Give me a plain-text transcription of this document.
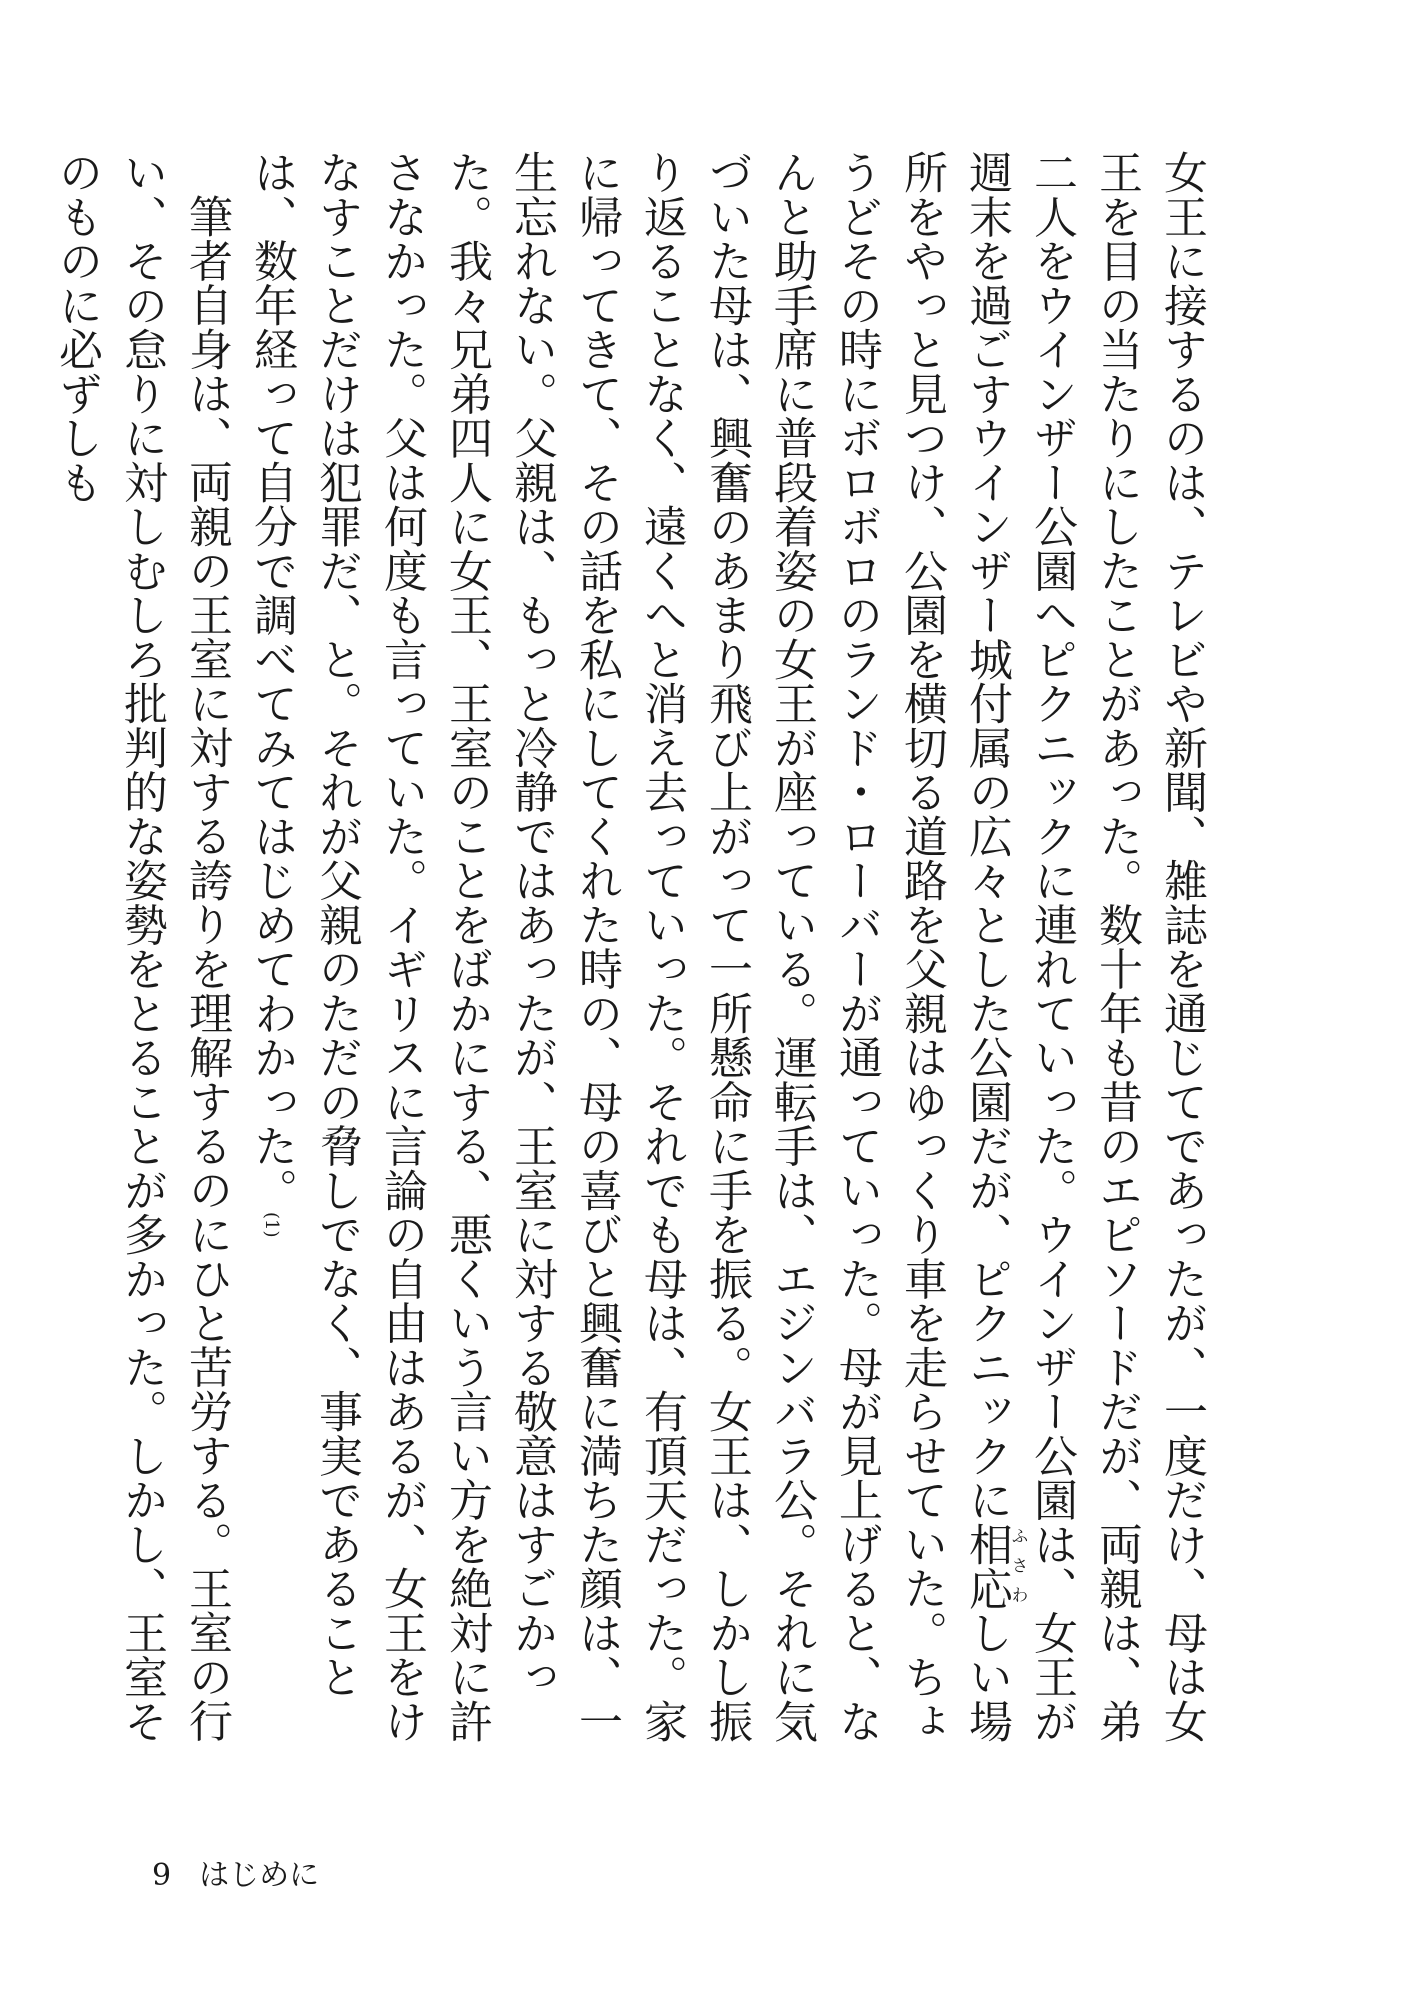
女王に接するのは、テレビや新聞、雑誌を通じてであったが、一度だけ、母は女王を目の当たりにしたことがあった。数十年も昔のエピソードだが、両親は、弟二人をウインザー公園へピクニックに連れていった。ウインザー公園は、女王が週末を過ごすウインザー城付属の広々とした公園だが、ピクニックに相応ふさわしい場所をやっと見つけ、公園を横切る道路を父親はゆっくり車を走らせていた。ちょうどその時にボロボロのランド・ローバーが通っていった。母が見上げると、なんと助手席に普段着姿の女王が座っている。運転手は、エジンバラ公。それに気づいた母は、興奮のあまり飛び上がって一所懸命に手を振る。女王は、しかし振り返ることなく、遠くへと消え去っていった。それでも母は、有頂天だった。家に帰ってきて、その話を私にしてくれた時の、母の喜びと興奮に満ちた顔は、一生忘れない。父親は、もっと冷静ではあったが、王室に対する敬意はすごかった。我々兄弟四人に女王、王室のことをばかにする、悪くいう言い方を絶対に許さなかった。父は何度も言っていた。イギリスに言論の自由はあるが、女王をけなすことだけは犯罪だ、と。それが父親のただの脅しでなく、事実であることは、数年経って自分で調べてみてはじめてわかった。(1)

筆者自身は、両親の王室に対する誇りを理解するのにひと苦労する。王室の行い、その怠りに対しむしろ批判的な姿勢をとることが多かった。しかし、王室そのものに必ずしも

9 はじめに
